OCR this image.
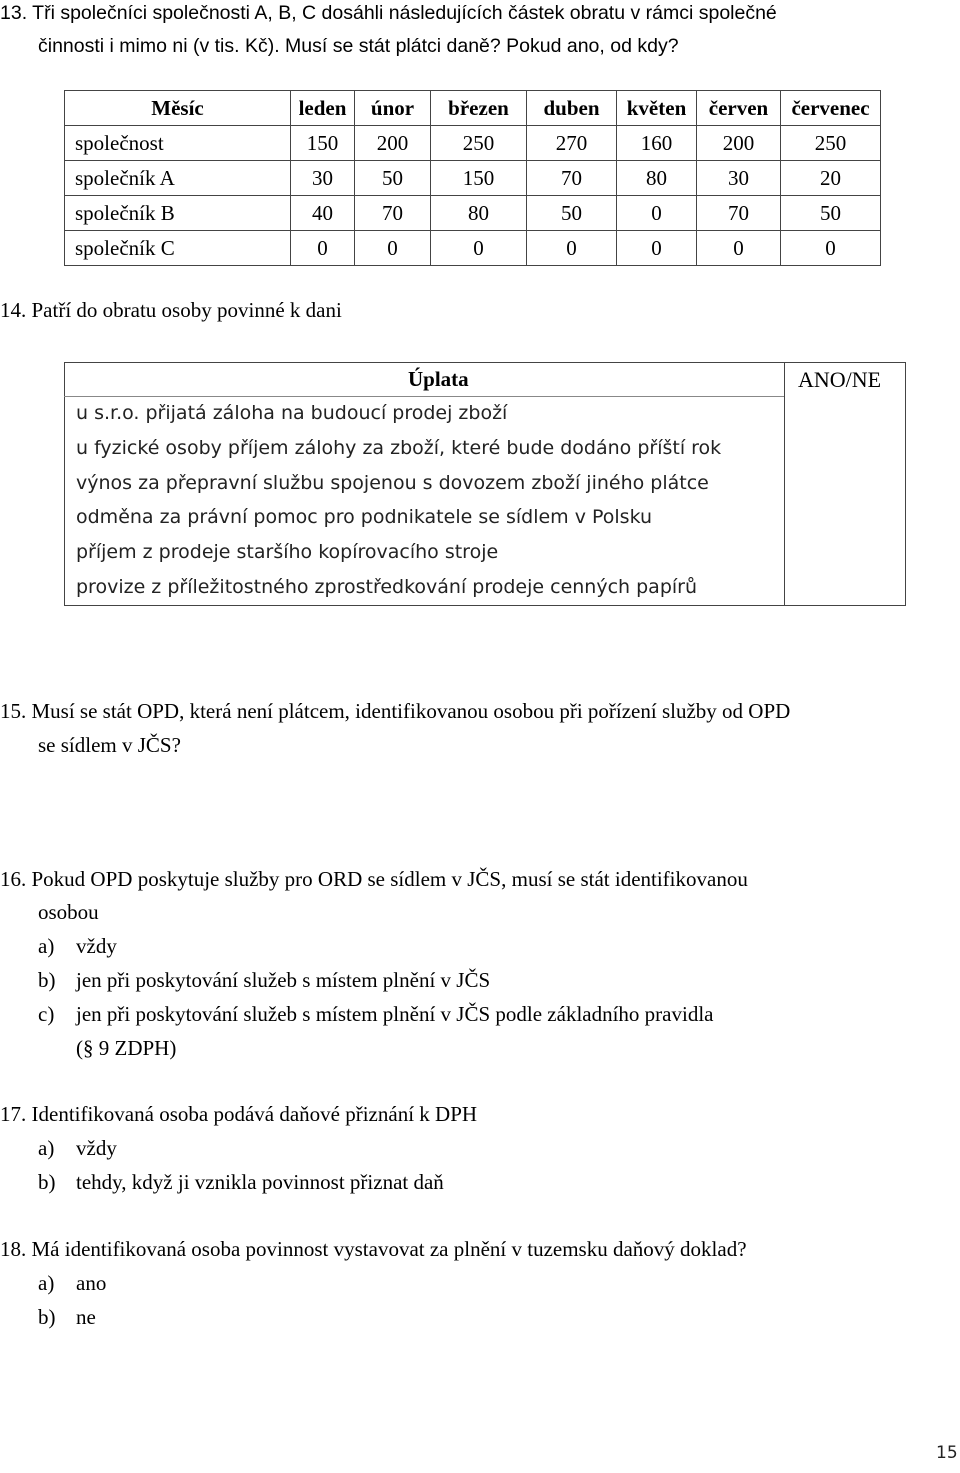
13. Tři společníci společnosti A, B, C dosáhli následujících částek obratu v rámci společné
činnosti i mimo ni (v tis. Kč). Musí se stát plátci daně? Pokud ano, od kdy?
Měsíc	leden	únor	březen	duben	květen	červen	červenec
společnost	150	200	250	270	160	200	250
společník A	30	50	150	70	80	30	20
společník B	40	70	80	50	0	70	50
společník C	0	0	0	0	0	0	0
14. Patří do obratu osoby povinné k dani
Úplata	ANO/NE
u s.r.o. přijatá záloha na budoucí prodej zboží
u fyzické osoby příjem zálohy za zboží, které bude dodáno příští rok
výnos za přepravní službu spojenou s dovozem zboží jiného plátce
odměna za právní pomoc pro podnikatele se sídlem v Polsku
příjem z prodeje staršího kopírovacího stroje
provize z příležitostného zprostředkování prodeje cenných papírů
15. Musí se stát OPD, která není plátcem, identifikovanou osobou při pořízení služby od OPD
se sídlem v JČS?
16. Pokud OPD poskytuje služby pro ORD se sídlem v JČS, musí se stát identifikovanou
osobou
a) vždy
b) jen při poskytování služeb s místem plnění v JČS
c) jen při poskytování služeb s místem plnění v JČS podle základního pravidla
(§ 9 ZDPH)
17. Identifikovaná osoba podává daňové přiznání k DPH
a) vždy
b) tehdy, když ji vznikla povinnost přiznat daň
18. Má identifikovaná osoba povinnost vystavovat za plnění v tuzemsku daňový doklad?
a) ano
b) ne
15
